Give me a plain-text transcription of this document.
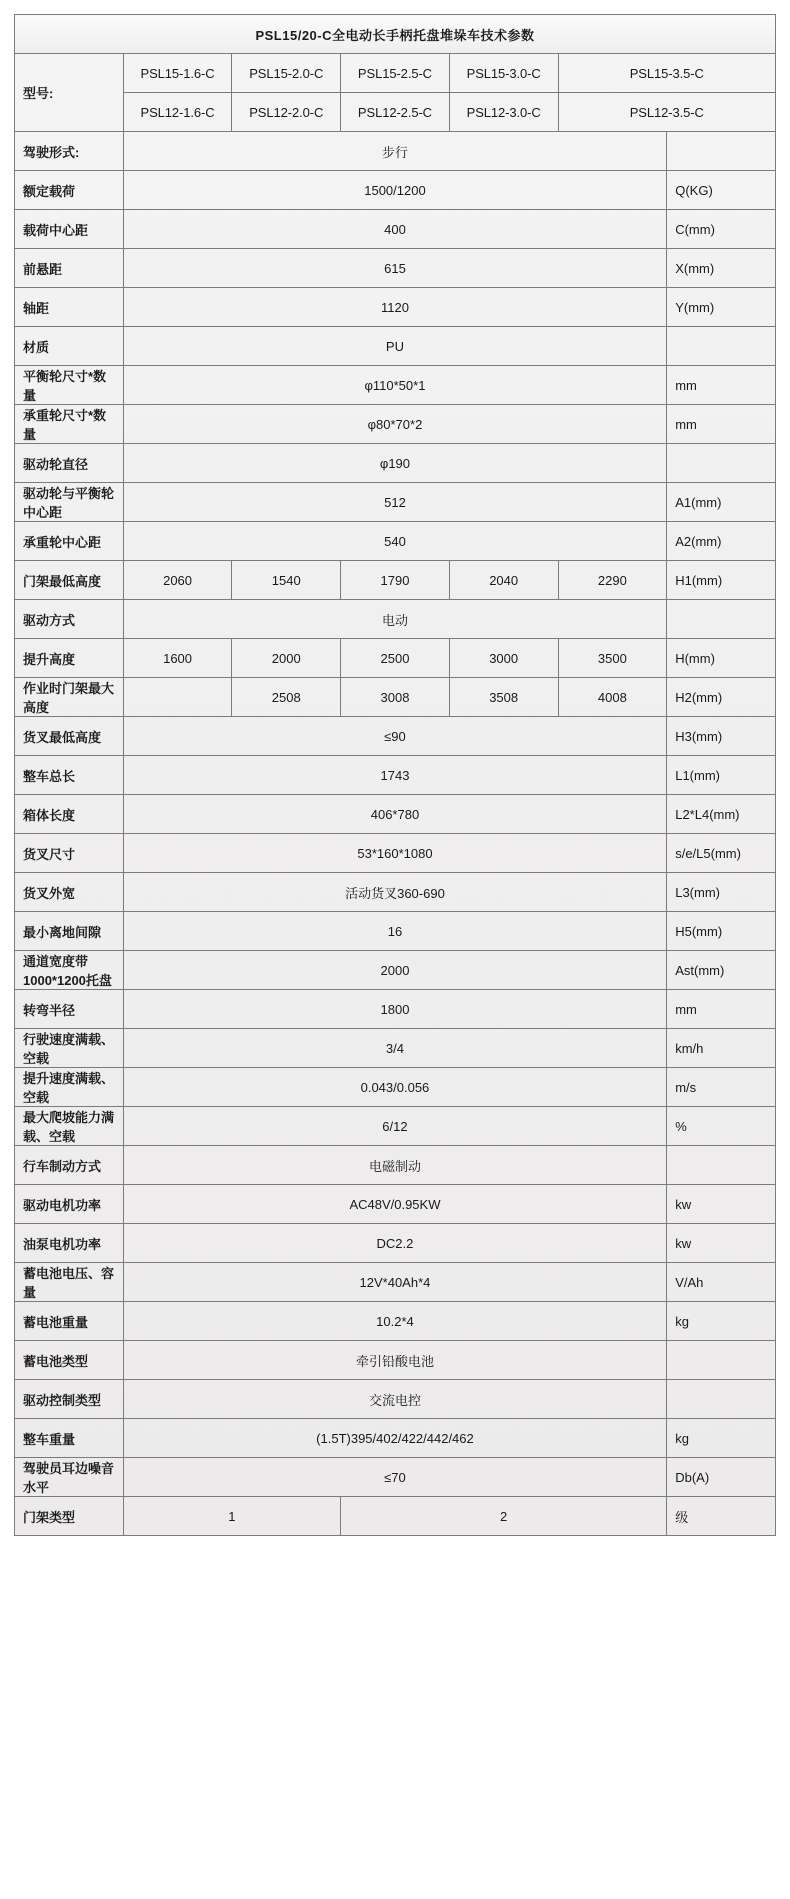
PSL15/20-C全电动长手柄托盘堆垛车技术参数						
型号:	PSL15-1.6-C	PSL15-2.0-C	PSL15-2.5-C	PSL15-3.0-C	PSL15-3.5-C	
	PSL12-1.6-C	PSL12-2.0-C	PSL12-2.5-C	PSL12-3.0-C	PSL12-3.5-C	
驾驶形式:	步行					
额定载荷	1500/1200					Q(KG)
载荷中心距	400					C(mm)
前悬距	615					X(mm)
轴距	1120					Y(mm)
材质	PU					
平衡轮尺寸*数量	φ110*50*1					mm
承重轮尺寸*数量	φ80*70*2					mm
驱动轮直径	φ190					
驱动轮与平衡轮中心距	512					A1(mm)
承重轮中心距	540					A2(mm)
门架最低高度	2060	1540	1790	2040	2290	H1(mm)
驱动方式	电动					
提升高度	1600	2000	2500	3000	3500	H(mm)
作业时门架最大高度		2508	3008	3508	4008	H2(mm)
货叉最低高度	≤90					H3(mm)
整车总长	1743					L1(mm)
箱体长度	406*780					L2*L4(mm)
货叉尺寸	53*160*1080					s/e/L5(mm)
货叉外宽	活动货叉360-690					L3(mm)
最小离地间隙	16					H5(mm)
通道宽度带1000*1200托盘	2000					Ast(mm)
转弯半径	1800					mm
行驶速度满载、空载	3/4					km/h
提升速度满载、空载	0.043/0.056					m/s
最大爬坡能力满载、空载	6/12					%
行车制动方式	电磁制动					
驱动电机功率	AC48V/0.95KW					kw
油泵电机功率	DC2.2					kw
蓄电池电压、容量	12V*40Ah*4					V/Ah
蓄电池重量	10.2*4					kg
蓄电池类型	牵引铅酸电池					
驱动控制类型	交流电控					
整车重量	(1.5T)395/402/422/442/462					kg
驾驶员耳边噪音水平	≤70					Db(A)
门架类型	1		2			级
